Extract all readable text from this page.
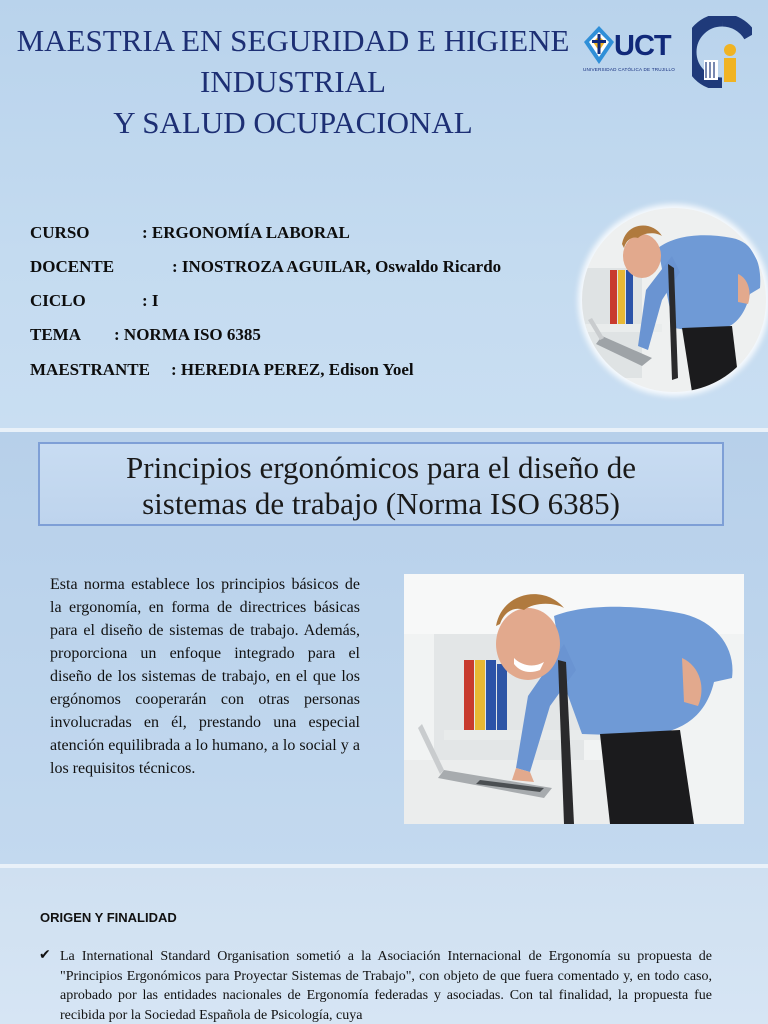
MAESTRIA EN SEGURIDAD E HIGIENE
INDUSTRIAL
Y SALUD OCUPACIONAL
UCT
UNIVERSIDAD CATÓLICA DE TRUJILLO
CURSO	: ERGONOMÍA LABORAL
DOCENTE	: INOSTROZA AGUILAR, Oswaldo Ricardo
CICLO	: I
TEMA : NORMA ISO 6385
MAESTRANTE : HEREDIA PEREZ, Edison Yoel
Principios ergonómicos para el diseño de
sistemas de trabajo (Norma ISO 6385)
Esta norma establece los principios básicos de la ergonomía, en forma de directrices básicas para el diseño de sistemas de trabajo. Además, proporciona un enfoque integrado para el diseño de los sistemas de trabajo, en el que los ergónomos cooperarán con otras personas involucradas en él, prestando una especial atención equilibrada a lo humano, a lo social y a los requisitos técnicos.
ORIGEN Y FINALIDAD
✔ La International Standard Organisation sometió a la Asociación Internacional de Ergonomía su propuesta de "Principios Ergonómicos para Proyectar Sistemas de Trabajo", con objeto de que fuera comentado y, en todo caso, aprobado por las entidades nacionales de Ergonomía federadas y asociadas. Con tal finalidad, la propuesta fue recibida por la Sociedad Española de Psicología, cuya
